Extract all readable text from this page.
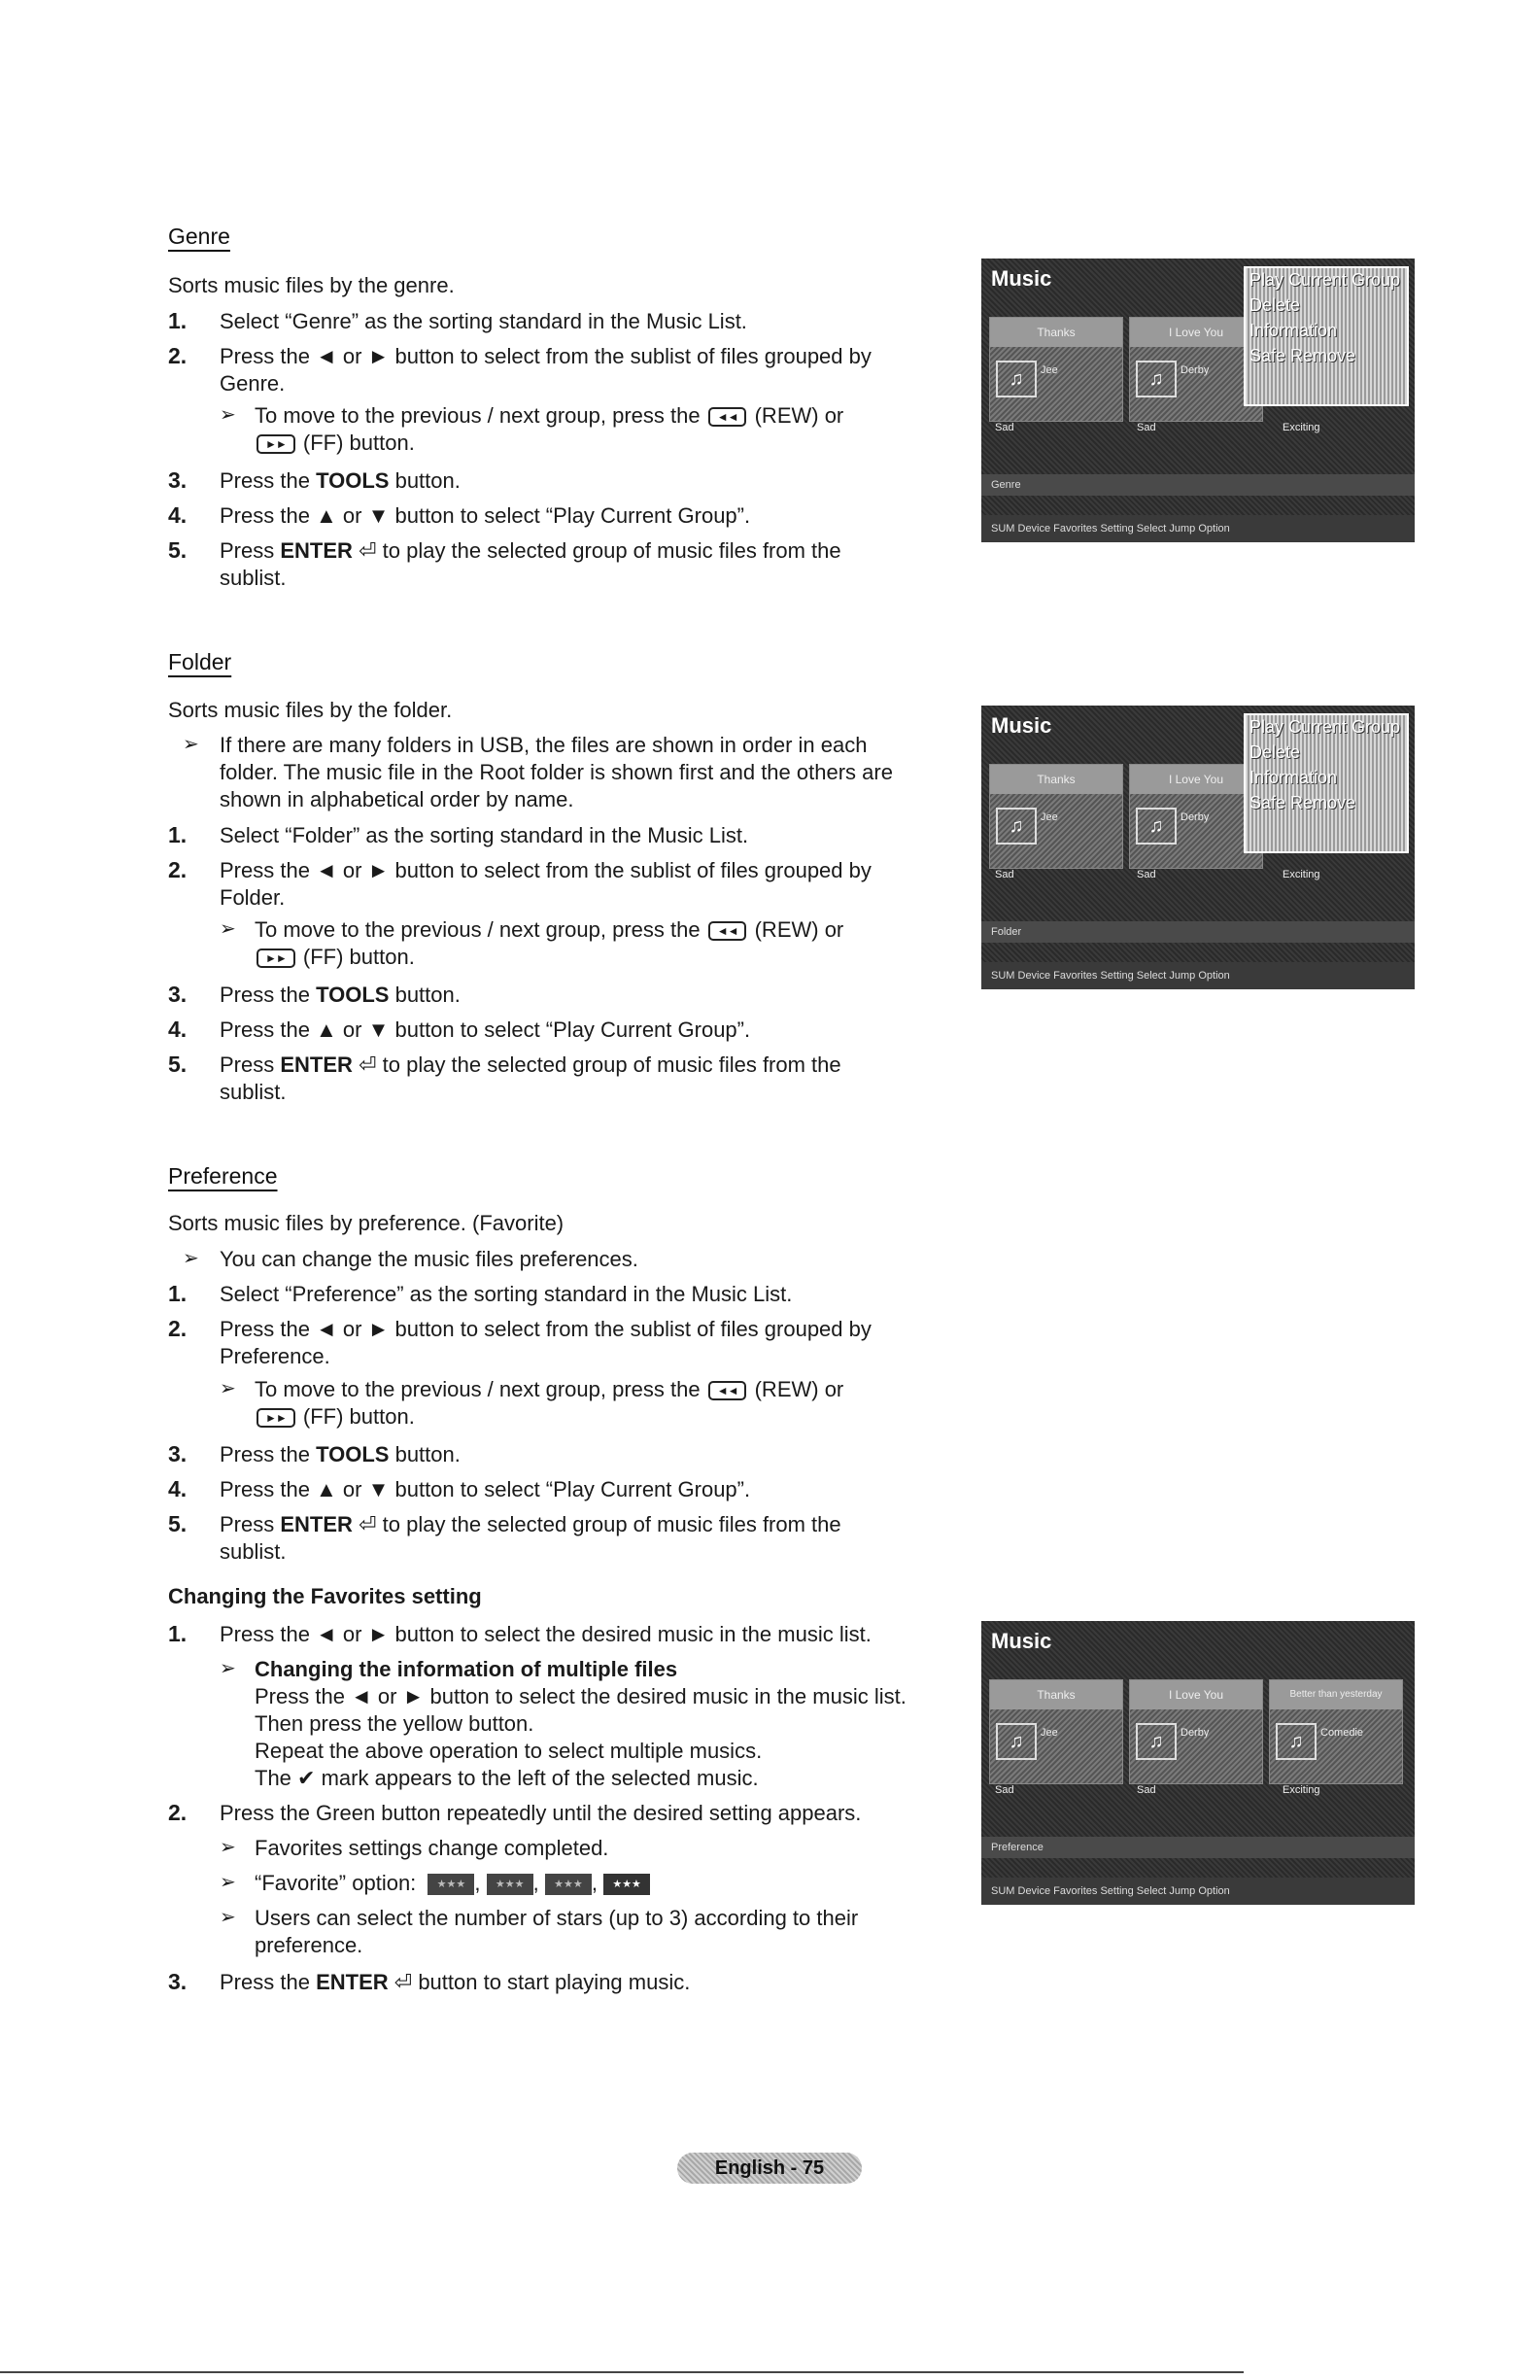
Genre
Sorts music files by the genre.
1. Select “Genre” as the sorting standard in the Music List.
2. Press the ◄ or ► button to select from the sublist of files grouped by
Genre.
➢ To move to the previous / next group, press the ◄◄ (REW) or
►► (FF) button.
3. Press the TOOLS button.
4. Press the ▲ or ▼ button to select “Play Current Group”.
5. Press ENTER ⏎ to play the selected group of music files from the
sublist.
Music
Thanks
♫	Jee
I Love You
♫	Derby
Sad	Sad	Exciting
Play Current Group
Delete
Information
Safe Remove
Genre
SUM Device Favorites Setting Select Jump Option
Folder
Sorts music files by the folder.
➢ If there are many folders in USB, the files are shown in order in each
folder. The music file in the Root folder is shown first and the others are
shown in alphabetical order by name.
1. Select “Folder” as the sorting standard in the Music List.
2. Press the ◄ or ► button to select from the sublist of files grouped by
Folder.
➢ To move to the previous / next group, press the ◄◄ (REW) or
►► (FF) button.
3. Press the TOOLS button.
4. Press the ▲ or ▼ button to select “Play Current Group”.
5. Press ENTER ⏎ to play the selected group of music files from the
sublist.
Music
Thanks
♫	Jee
I Love You
♫	Derby
Sad	Sad	Exciting
Play Current Group
Delete
Information
Safe Remove
Folder
SUM Device Favorites Setting Select Jump Option
Preference
Sorts music files by preference. (Favorite)
➢ You can change the music files preferences.
1. Select “Preference” as the sorting standard in the Music List.
2. Press the ◄ or ► button to select from the sublist of files grouped by
Preference.
➢ To move to the previous / next group, press the ◄◄ (REW) or
►► (FF) button.
3. Press the TOOLS button.
4. Press the ▲ or ▼ button to select “Play Current Group”.
5. Press ENTER ⏎ to play the selected group of music files from the
sublist.
Changing the Favorites setting
1. Press the ◄ or ► button to select the desired music in the music list.
➢ Changing the information of multiple files
Press the ◄ or ► button to select the desired music in the music list.
Then press the yellow button.
Repeat the above operation to select multiple musics.
The ✔ mark appears to the left of the selected music.
2. Press the Green button repeatedly until the desired setting appears.
➢ Favorites settings change completed.
➢ “Favorite” option: ★★★ , ★★★ , ★★★ , ★★★
➢ Users can select the number of stars (up to 3) according to their
preference.
3. Press the ENTER ⏎ button to start playing music.
Music
Thanks
♫	Jee
I Love You
♫	Derby
Better than yesterday
♫	Comedie
Sad	Sad	Exciting
Preference
SUM Device Favorites Setting Select Jump Option
English - 75
